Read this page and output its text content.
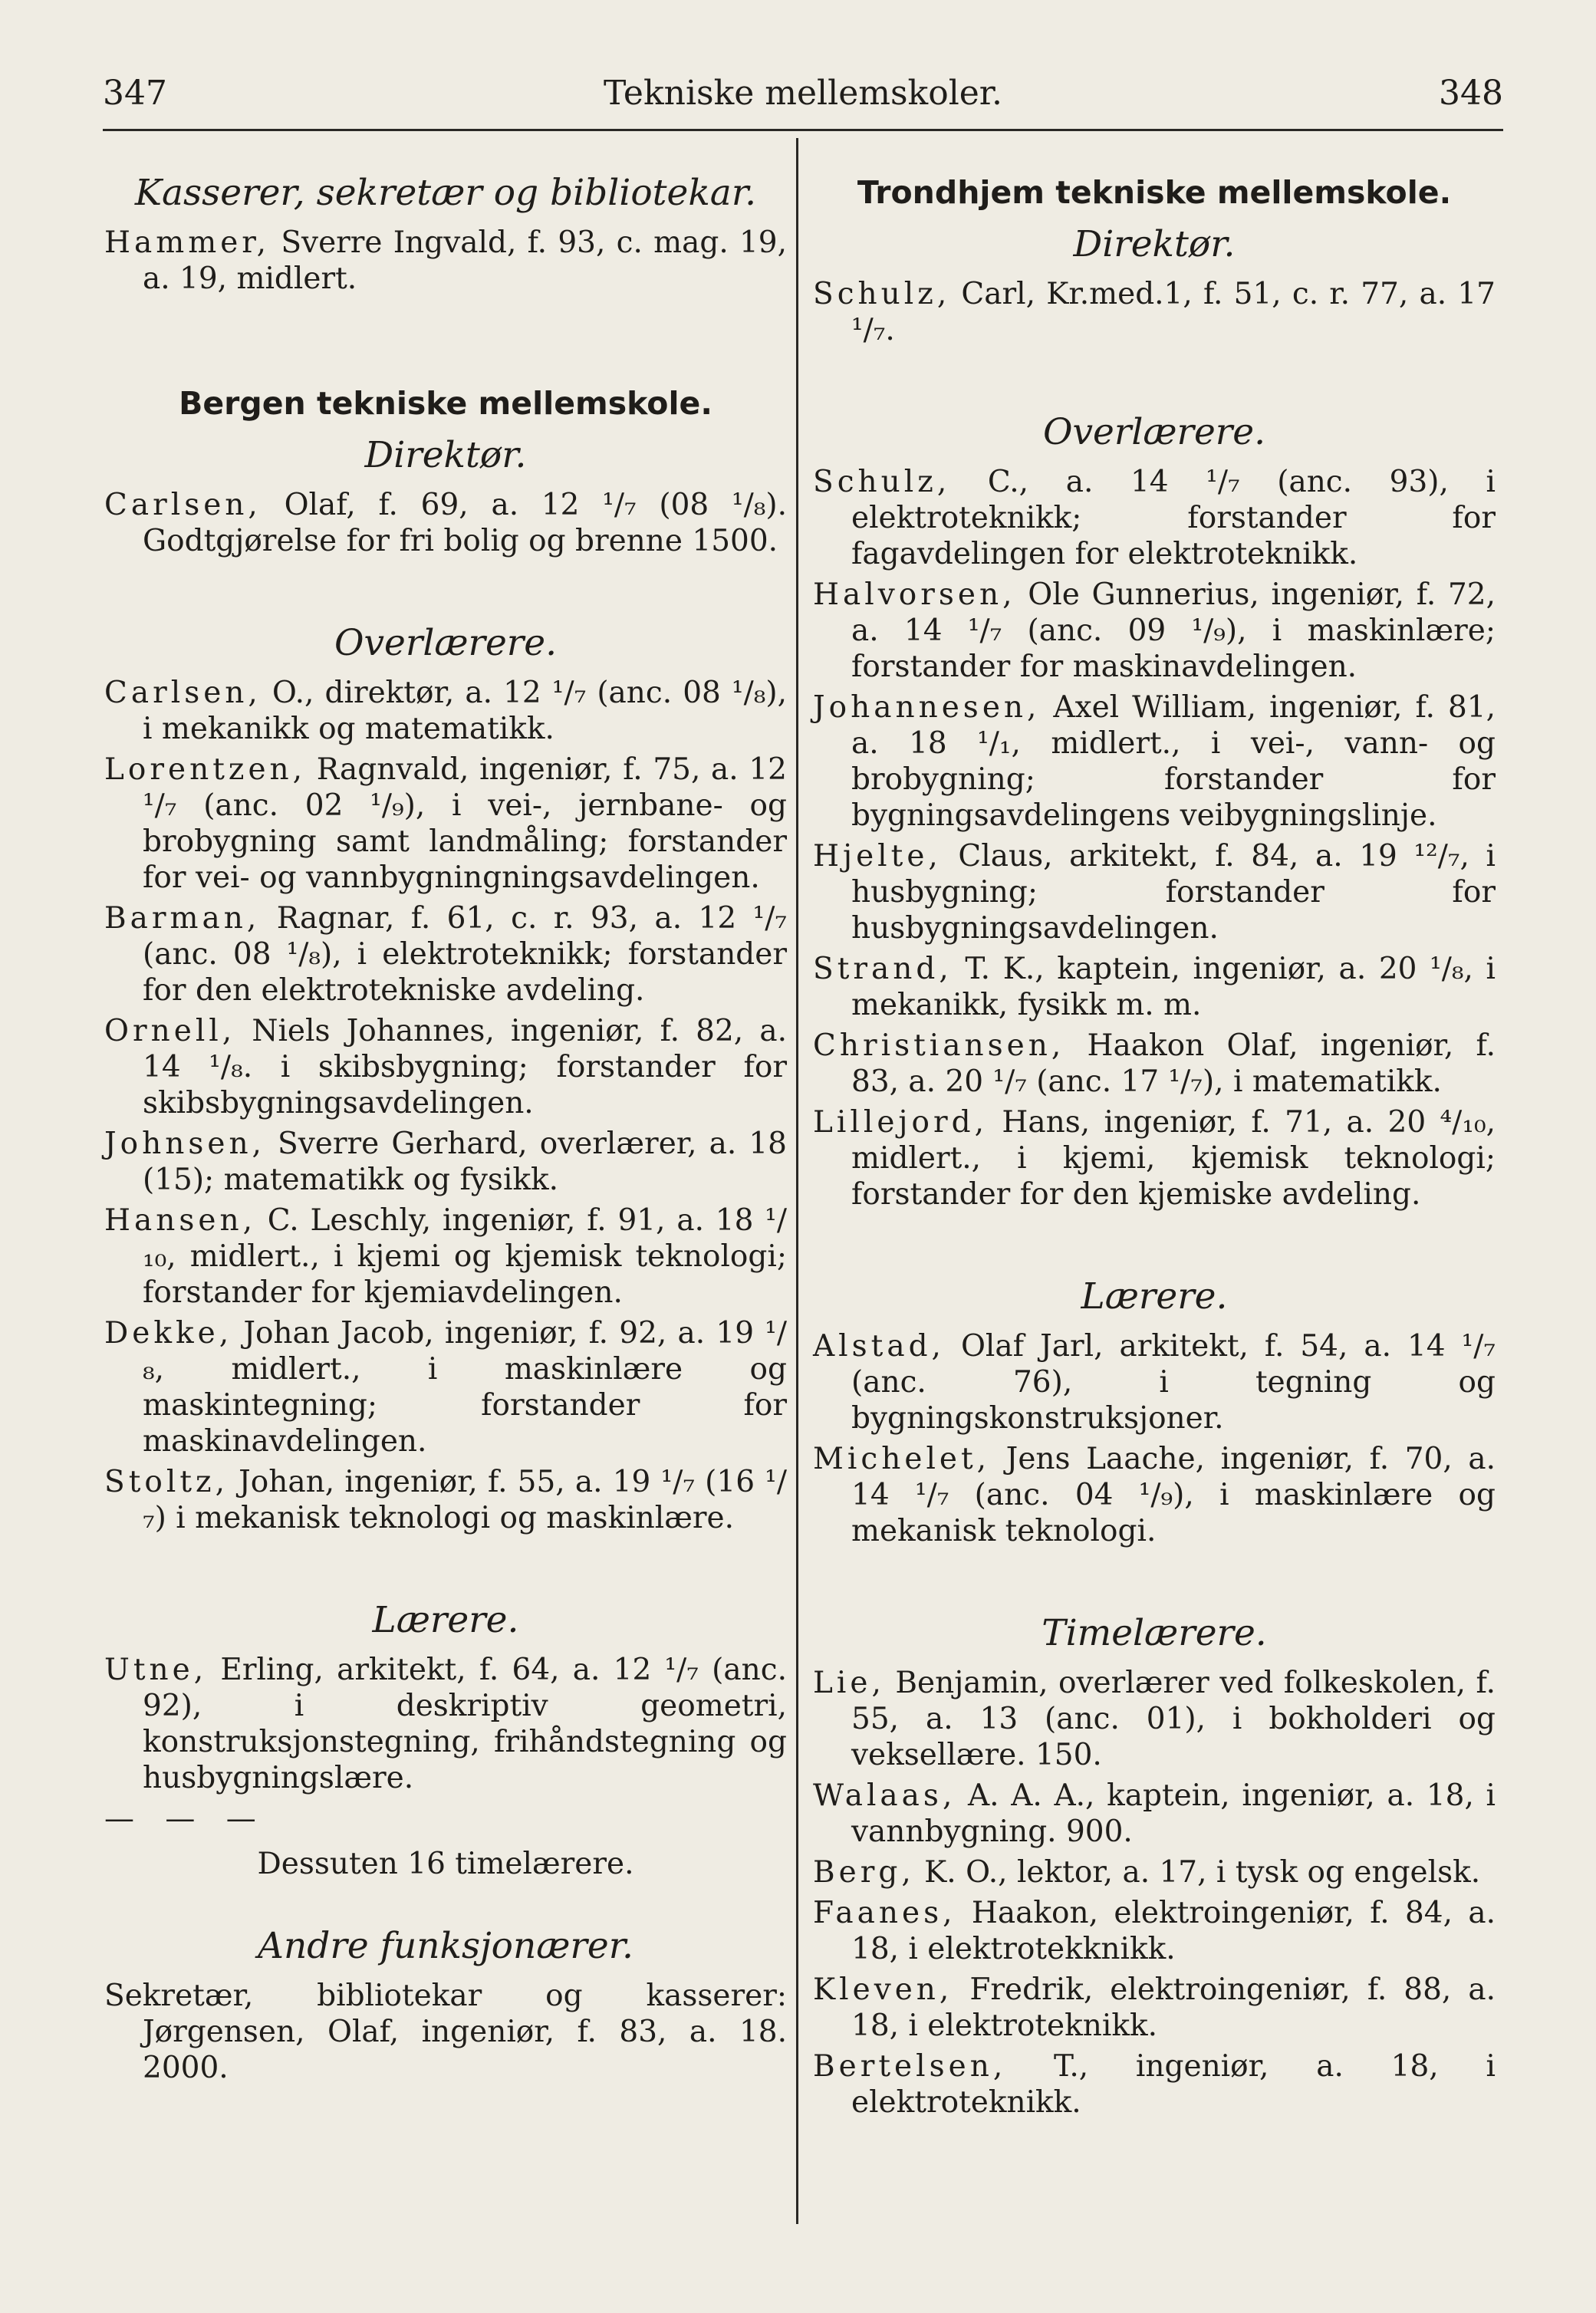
Tekniske mellemskoler.
347	348

Kasserer, sekretær og bibliotekar.

Hammer, Sverre Ingvald, f. 93, c. mag. 19, a. 19, midlert.

Bergen tekniske mellemskole.

Direktør.

Carlsen, Olaf, f. 69, a. 12 ¹/₇ (08 ¹/₈). Godtgjørelse for fri bolig og brenne 1500.

Overlærere.

Carlsen, O., direktør, a. 12 ¹/₇ (anc. 08 ¹/₈), i mekanikk og matematikk.

Lorentzen, Ragnvald, ingeniør, f. 75, a. 12 ¹/₇ (anc. 02 ¹/₉), i vei-, jernbane- og brobygning samt landmåling; forstander for vei- og vannbygningningsavdelingen.

Barman, Ragnar, f. 61, c. r. 93, a. 12 ¹/₇ (anc. 08 ¹/₈), i elektroteknikk; forstander for den elektrotekniske avdeling.

Ornell, Niels Johannes, ingeniør, f. 82, a. 14 ¹/₈. i skibsbygning; forstander for skibsbygningsavdelingen.

Johnsen, Sverre Gerhard, overlærer, a. 18 (15); matematikk og fysikk.

Hansen, C. Leschly, ingeniør, f. 91, a. 18 ¹/₁₀, midlert., i kjemi og kjemisk teknologi; forstander for kjemiavdelingen.

Dekke, Johan Jacob, ingeniør, f. 92, a. 19 ¹/₈, midlert., i maskinlære og maskintegning; forstander for maskinavdelingen.

Stoltz, Johan, ingeniør, f. 55, a. 19 ¹/₇ (16 ¹/₇) i mekanisk teknologi og maskinlære.

Lærere.

Utne, Erling, arkitekt, f. 64, a. 12 ¹/₇ (anc. 92), i deskriptiv geometri, konstruksjonstegning, frihåndstegning og husbygningslære.

— — —

Dessuten 16 timelærere.

Andre funksjonærer.

Sekretær, bibliotekar og kasserer: Jørgensen, Olaf, ingeniør, f. 83, a. 18. 2000.

Trondhjem tekniske mellemskole.

Direktør.

Schulz, Carl, Kr.med.1, f. 51, c. r. 77, a. 17 ¹/₇.

Overlærere.

Schulz, C., a. 14 ¹/₇ (anc. 93), i elektroteknikk; forstander for fagavdelingen for elektroteknikk.

Halvorsen, Ole Gunnerius, ingeniør, f. 72, a. 14 ¹/₇ (anc. 09 ¹/₉), i maskinlære; forstander for maskinavdelingen.

Johannesen, Axel William, ingeniør, f. 81, a. 18 ¹/₁, midlert., i vei-, vann- og brobygning; forstander for bygningsavdelingens veibygningslinje.

Hjelte, Claus, arkitekt, f. 84, a. 19 ¹²/₇, i husbygning; forstander for husbygningsavdelingen.

Strand, T. K., kaptein, ingeniør, a. 20 ¹/₈, i mekanikk, fysikk m. m.

Christiansen, Haakon Olaf, ingeniør, f. 83, a. 20 ¹/₇ (anc. 17 ¹/₇), i matematikk.

Lillejord, Hans, ingeniør, f. 71, a. 20 ⁴/₁₀, midlert., i kjemi, kjemisk teknologi; forstander for den kjemiske avdeling.

Lærere.

Alstad, Olaf Jarl, arkitekt, f. 54, a. 14 ¹/₇ (anc. 76), i tegning og bygningskonstruksjoner.

Michelet, Jens Laache, ingeniør, f. 70, a. 14 ¹/₇ (anc. 04 ¹/₉), i maskinlære og mekanisk teknologi.

Timelærere.

Lie, Benjamin, overlærer ved folkeskolen, f. 55, a. 13 (anc. 01), i bokholderi og veksellære. 150.

Walaas, A. A. A., kaptein, ingeniør, a. 18, i vannbygning. 900.

Berg, K. O., lektor, a. 17, i tysk og engelsk.

Faanes, Haakon, elektroingeniør, f. 84, a. 18, i elektrotekknikk.

Kleven, Fredrik, elektroingeniør, f. 88, a. 18, i elektroteknikk.

Bertelsen, T., ingeniør, a. 18, i elektroteknikk.
